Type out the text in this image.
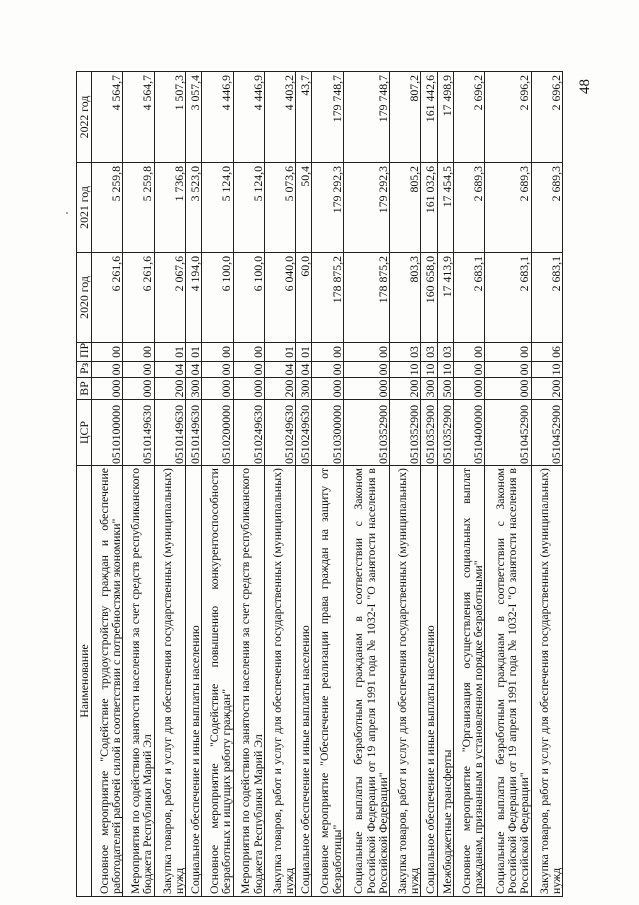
48
Наименование	ЦСР	ВР	Рз	ПР	2020 год	2021 год	2022 год
Основное мероприятие "Содействие трудоустройству граждан и обеспечение работодателей рабочей силой в соответствии с потребностями экономики"	0510100000	000	00	00	6 261,6	5 259,8	4 564,7
Мероприятия по содействию занятости населения за счет средств республиканского бюджета Республики Марий Эл	0510149630	000	00	00	6 261,6	5 259,8	4 564,7
Закупка товаров, работ и услуг для обеспечения государственных (муниципальных) нужд	0510149630	200	04	01	2 067,6	1 736,8	1 507,3
Социальное обеспечение и иные выплаты населению	0510149630	300	04	01	4 194,0	3 523,0	3 057,4
Основное мероприятие "Содействие повышению конкурентоспособности безработных и ищущих работу граждан"	0510200000	000	00	00	6 100,0	5 124,0	4 446,9
Мероприятия по содействию занятости населения за счет средств республиканского бюджета Республики Марий Эл	0510249630	000	00	00	6 100,0	5 124,0	4 446,9
Закупка товаров, работ и услуг для обеспечения государственных (муниципальных) нужд	0510249630	200	04	01	6 040,0	5 073,6	4 403,2
Социальное обеспечение и иные выплаты населению	0510249630	300	04	01	60,0	50,4	43,7
Основное мероприятие "Обеспечение реализации права граждан на защиту от безработицы"	0510300000	000	00	00	178 875,2	179 292,3	179 748,7
Социальные выплаты безработным гражданам в соответствии с Законом Российской Федерации от 19 апреля 1991 года № 1032-I "О занятости населения в Российской Федерации"	0510352900	000	00	00	178 875,2	179 292,3	179 748,7
Закупка товаров, работ и услуг для обеспечения государственных (муниципальных) нужд	0510352900	200	10	03	803,3	805,2	807,2
Социальное обеспечение и иные выплаты населению	0510352900	300	10	03	160 658,0	161 032,6	161 442,6
Межбюджетные трансферты	0510352900	500	10	03	17 413,9	17 454,5	17 498,9
Основное мероприятие "Организация осуществления социальных выплат гражданам, признанным в установленном порядке безработными"	0510400000	000	00	00	2 683,1	2 689,3	2 696,2
Социальные выплаты безработным гражданам в соответствии с Законом Российской Федерации от 19 апреля 1991 года № 1032-I "О занятости населения в Российской Федерации"	0510452900	000	00	00	2 683,1	2 689,3	2 696,2
Закупка товаров, работ и услуг для обеспечения государственных (муниципальных) нужд	0510452900	200	10	06	2 683,1	2 689,3	2 696,2
